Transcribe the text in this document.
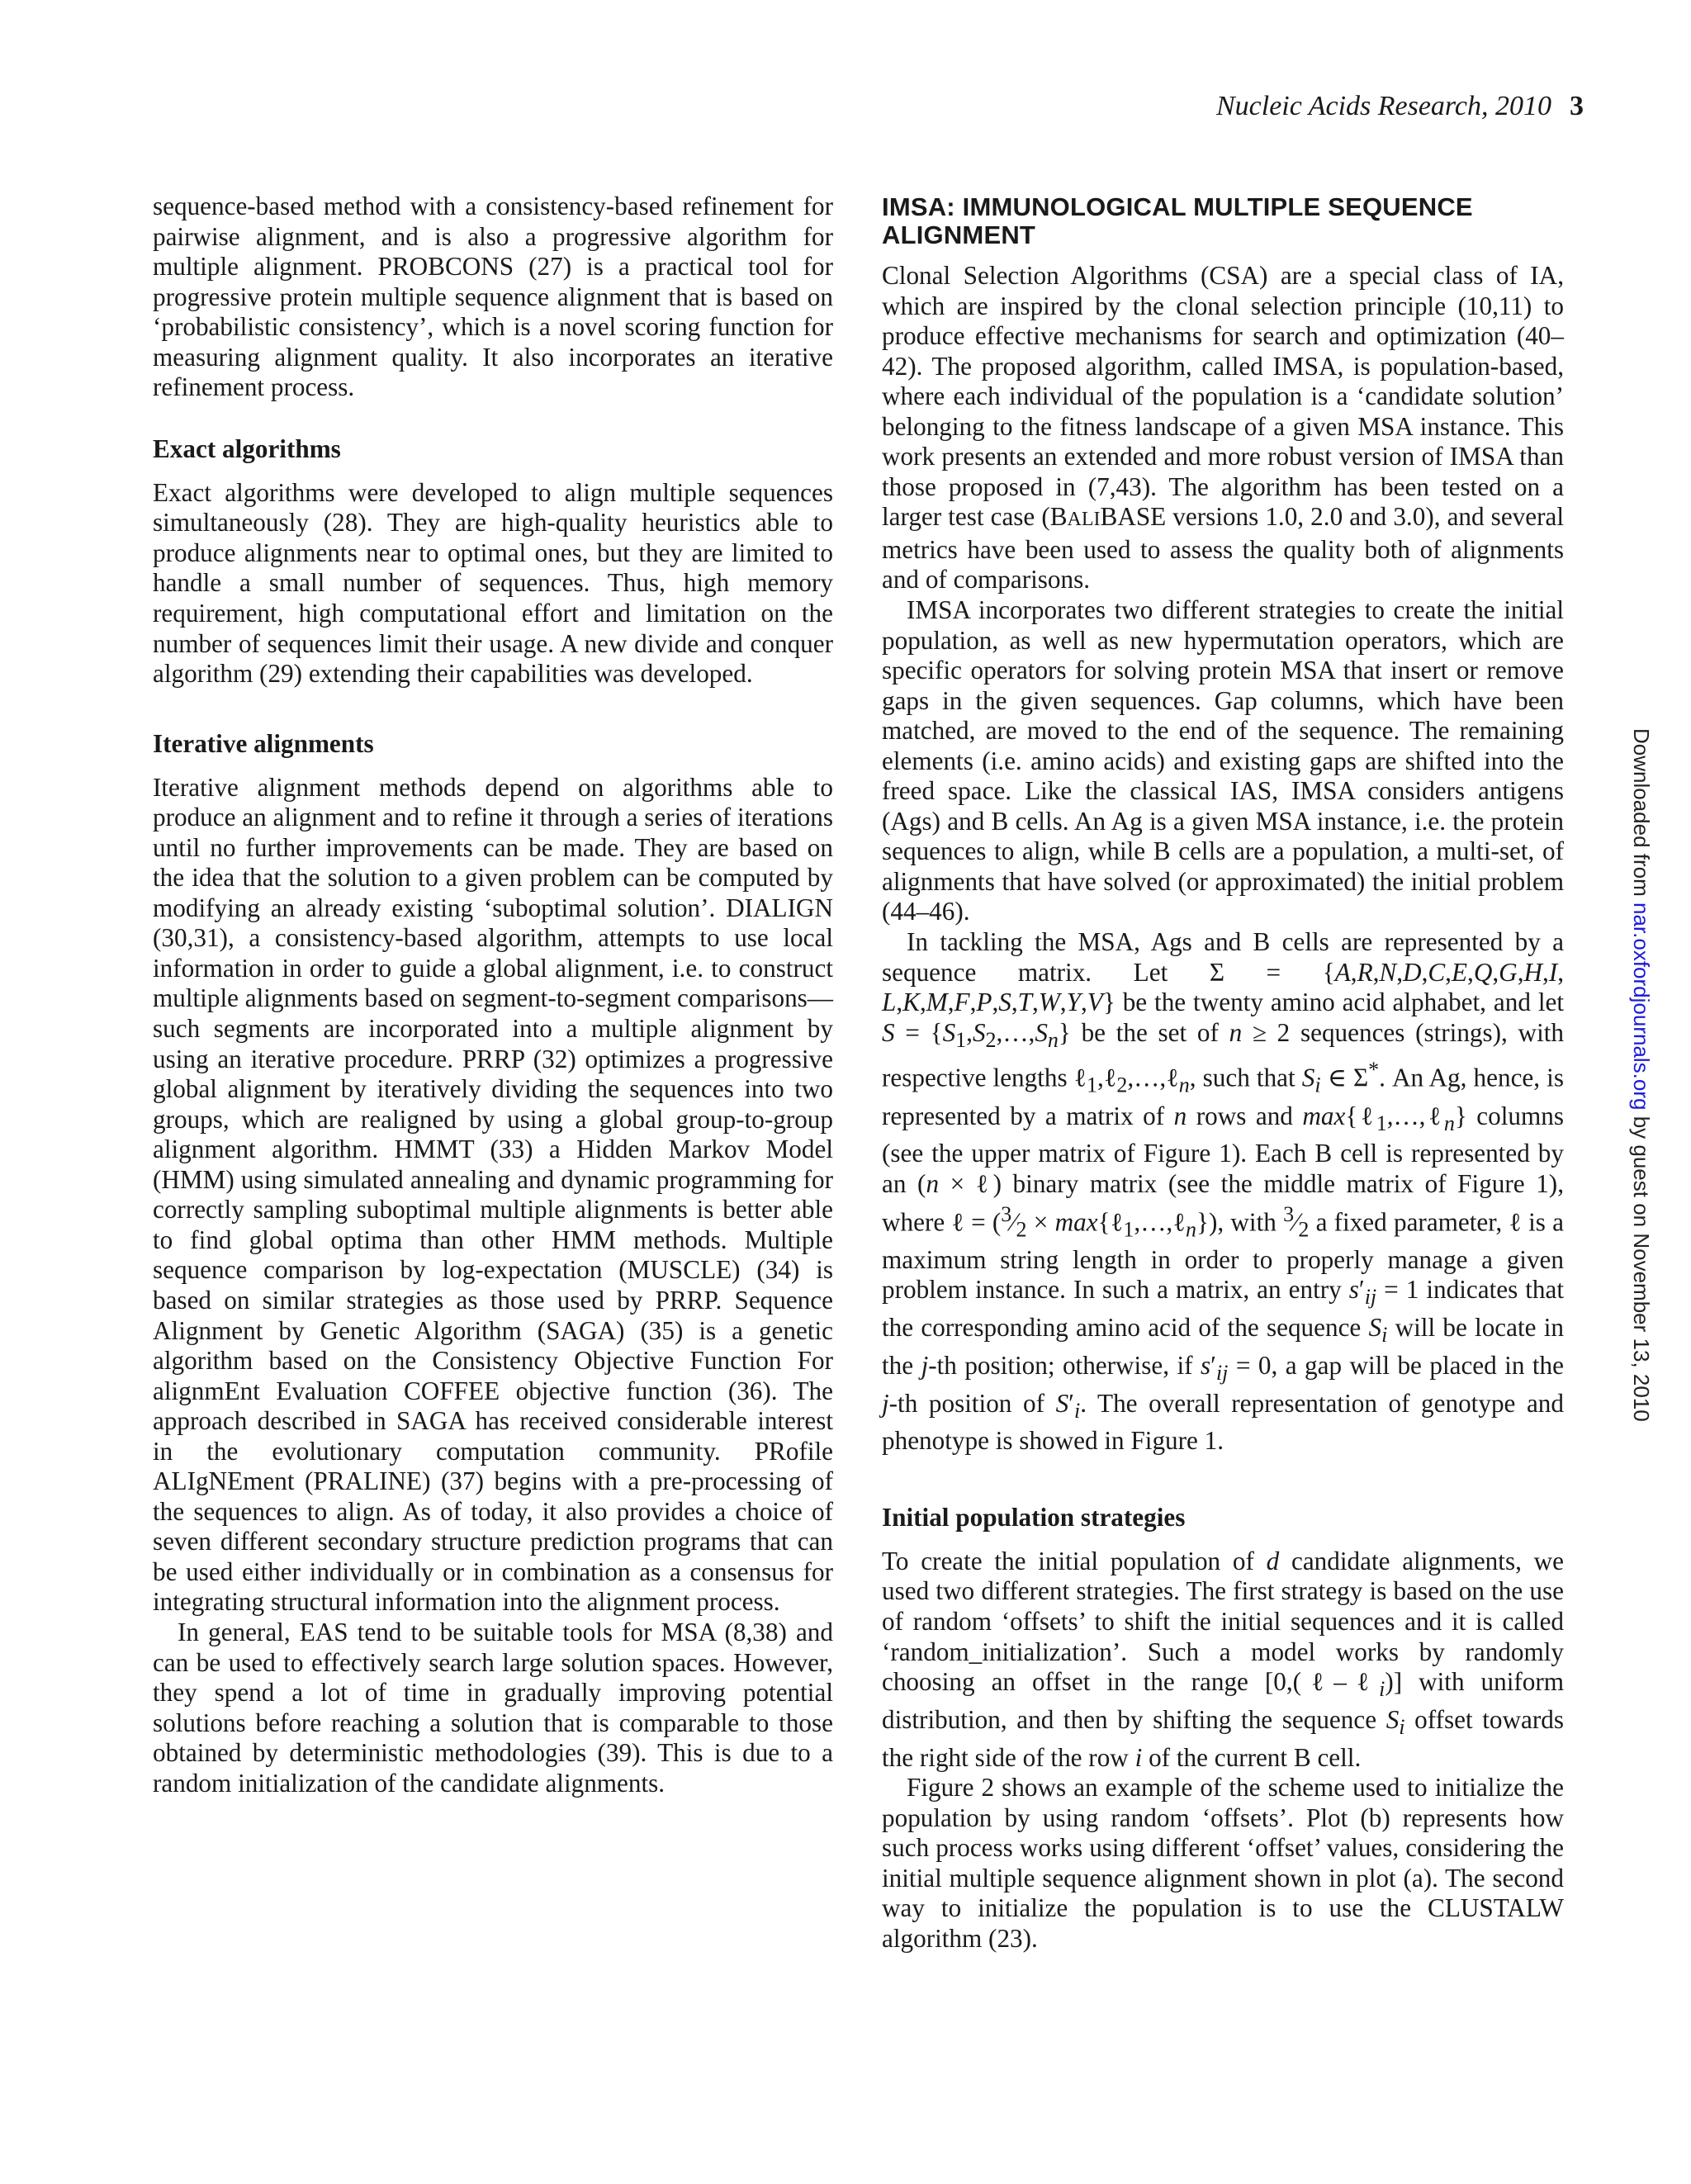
Nucleic Acids Research, 2010 3

sequence-based method with a consistency-based refinement for pairwise alignment, and is also a progressive algorithm for multiple alignment. PROBCONS (27) is a practical tool for progressive protein multiple sequence alignment that is based on ‘probabilistic consistency’, which is a novel scoring function for measuring alignment quality. It also incorporates an iterative refinement process.

Exact algorithms

Exact algorithms were developed to align multiple sequences simultaneously (28). They are high-quality heuristics able to produce alignments near to optimal ones, but they are limited to handle a small number of sequences. Thus, high memory requirement, high computational effort and limitation on the number of sequences limit their usage. A new divide and conquer algorithm (29) extending their capabilities was developed.

Iterative alignments

Iterative alignment methods depend on algorithms able to produce an alignment and to refine it through a series of iterations until no further improvements can be made. They are based on the idea that the solution to a given problem can be computed by modifying an already existing ‘suboptimal solution’. DIALIGN (30,31), a consistency-based algorithm, attempts to use local information in order to guide a global alignment, i.e. to construct multiple alignments based on segment-to-segment comparisons—such segments are incorporated into a multiple alignment by using an iterative procedure. PRRP (32) optimizes a progressive global alignment by iteratively dividing the sequences into two groups, which are realigned by using a global group-to-group alignment algorithm. HMMT (33) a Hidden Markov Model (HMM) using simulated annealing and dynamic programming for correctly sampling suboptimal multiple alignments is better able to find global optima than other HMM methods. Multiple sequence comparison by log-expectation (MUSCLE) (34) is based on similar strategies as those used by PRRP. Sequence Alignment by Genetic Algorithm (SAGA) (35) is a genetic algorithm based on the Consistency Objective Function For alignmEnt Evaluation COFFEE objective function (36). The approach described in SAGA has received considerable interest in the evolutionary computation community. PRofile ALIgNEment (PRALINE) (37) begins with a pre-processing of the sequences to align. As of today, it also provides a choice of seven different secondary structure prediction programs that can be used either individually or in combination as a consensus for integrating structural information into the alignment process.

In general, EAS tend to be suitable tools for MSA (8,38) and can be used to effectively search large solution spaces. However, they spend a lot of time in gradually improving potential solutions before reaching a solution that is comparable to those obtained by deterministic methodologies (39). This is due to a random initialization of the candidate alignments.

IMSA: IMMUNOLOGICAL MULTIPLE SEQUENCE ALIGNMENT

Clonal Selection Algorithms (CSA) are a special class of IA, which are inspired by the clonal selection principle (10,11) to produce effective mechanisms for search and optimization (40–42). The proposed algorithm, called IMSA, is population-based, where each individual of the population is a ‘candidate solution’ belonging to the fitness landscape of a given MSA instance. This work presents an extended and more robust version of IMSA than those proposed in (7,43). The algorithm has been tested on a larger test case (BALIBASE versions 1.0, 2.0 and 3.0), and several metrics have been used to assess the quality both of alignments and of comparisons.

IMSA incorporates two different strategies to create the initial population, as well as new hypermutation operators, which are specific operators for solving protein MSA that insert or remove gaps in the given sequences. Gap columns, which have been matched, are moved to the end of the sequence. The remaining elements (i.e. amino acids) and existing gaps are shifted into the freed space. Like the classical IAS, IMSA considers antigens (Ags) and B cells. An Ag is a given MSA instance, i.e. the protein sequences to align, while B cells are a population, a multi-set, of alignments that have solved (or approximated) the initial problem (44–46).

In tackling the MSA, Ags and B cells are represented by a sequence matrix. Let Σ = {A,R,N,D,C,E,Q,G,H,I, L,K,M,F,P,S,T,W,Y,V} be the twenty amino acid alphabet, and let $S = \{S_1,S_2,\dots,S_n\}$ be the set of n ≥ 2 sequences (strings), with respective lengths ℓ$_1$,ℓ$_2$,…,ℓ$_n$, such that $S_i$ ∈ Σ*. An Ag, hence, is represented by a matrix of n rows and max{ℓ$_1$,…,ℓ$_n$} columns (see the upper matrix of Figure 1). Each B cell is represented by an (n × ℓ) binary matrix (see the middle matrix of Figure 1), where ℓ = ($^3⁄_2$ × max{ℓ$_1$,…,ℓ$_n$}), with $^3⁄_2$ a fixed parameter, ℓ is a maximum string length in order to properly manage a given problem instance. In such a matrix, an entry $s'_{ij} = 1$ indicates that the corresponding amino acid of the sequence $S_i$ will be locate in the j-th position; otherwise, if $s'_{ij} = 0$, a gap will be placed in the j-th position of $S'_i$. The overall representation of genotype and phenotype is showed in Figure 1.

Initial population strategies

To create the initial population of d candidate alignments, we used two different strategies. The first strategy is based on the use of random ‘offsets’ to shift the initial sequences and it is called ‘random_initialization’. Such a model works by randomly choosing an offset in the range [0,(ℓ–ℓ$_i$)] with uniform distribution, and then by shifting the sequence $S_i$ offset towards the right side of the row i of the current B cell.

Figure 2 shows an example of the scheme used to initialize the population by using random ‘offsets’. Plot (b) represents how such process works using different ‘offset’ values, considering the initial multiple sequence alignment shown in plot (a). The second way to initialize the population is to use the CLUSTALW algorithm (23).

Downloaded from nar.oxfordjournals.org by guest on November 13, 2010
